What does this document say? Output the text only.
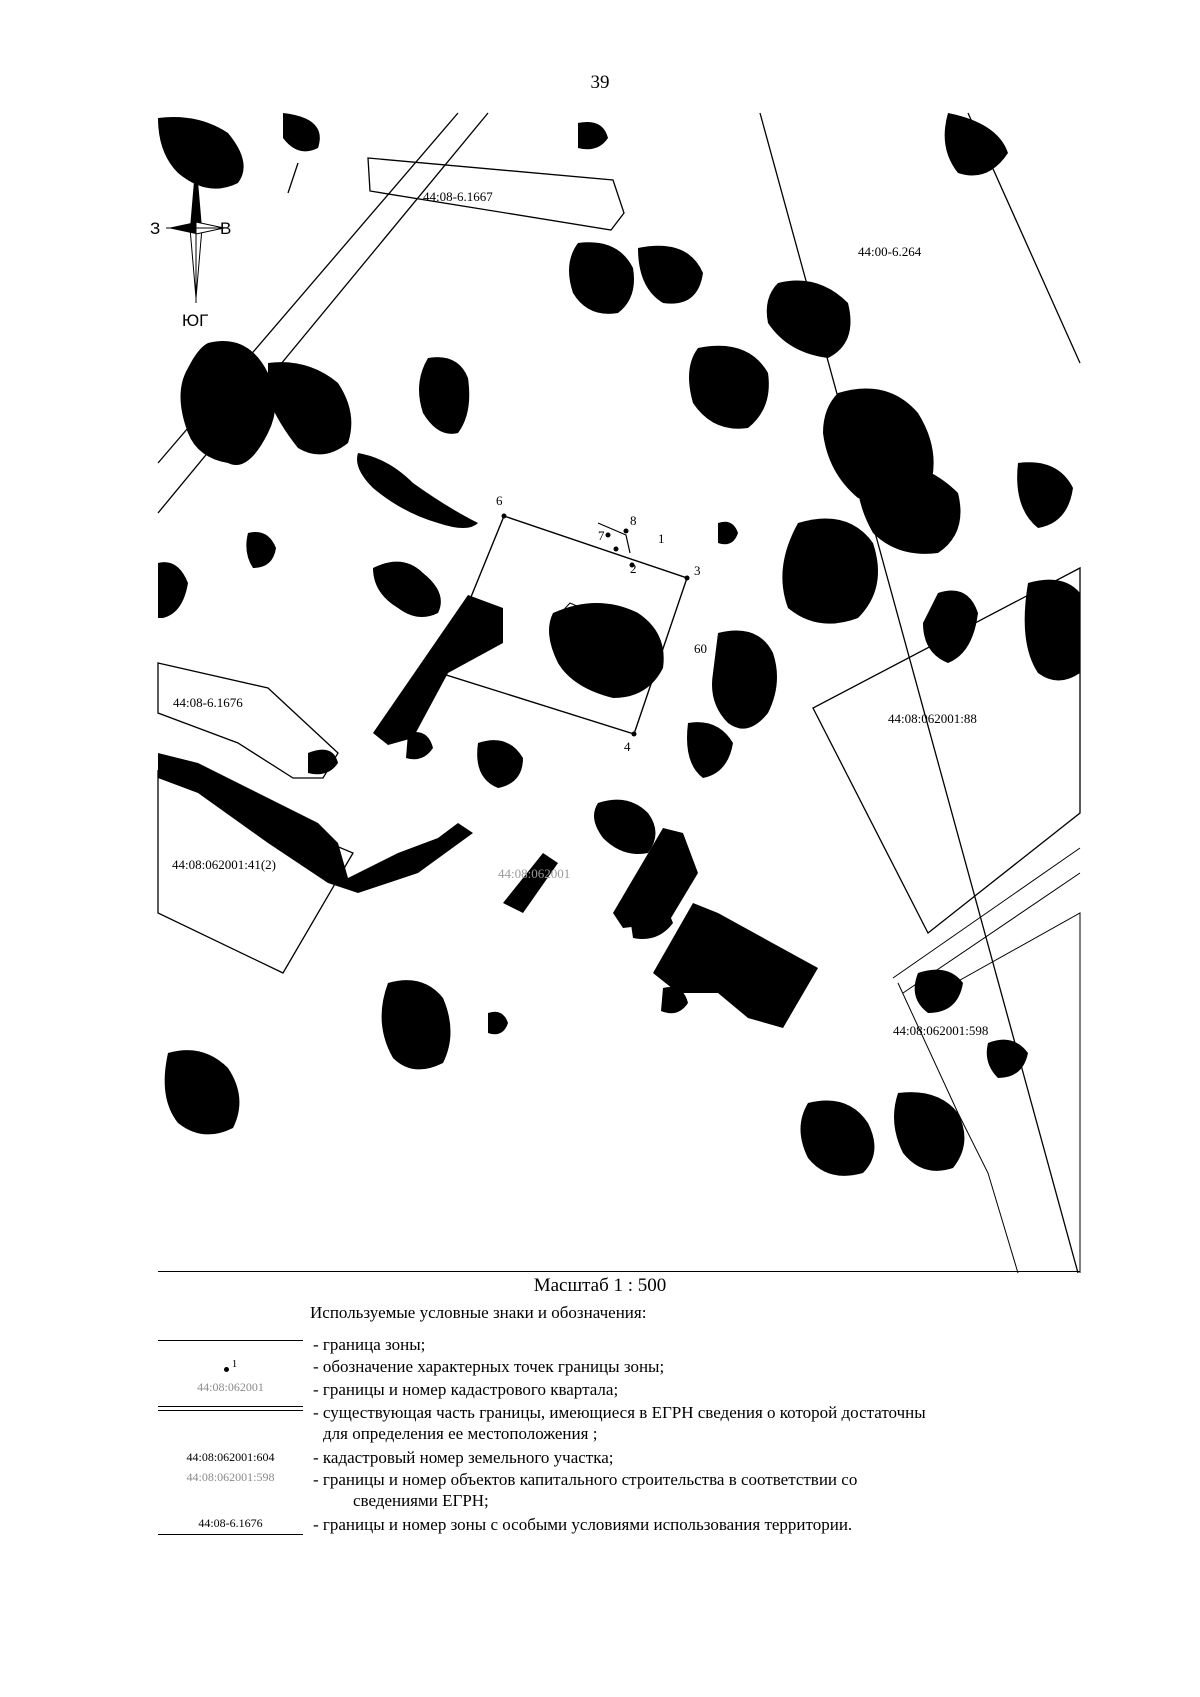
39
44:08-6.1667
44:00-6.264
44:08:062001:88
44:08-6.1676
44:08:062001:41(2)
44:08:062001
44:08:062001:598
60
1
2	3
4
5
6
7
8
З	В
ЮГ
Масштаб 1 : 500
Используемые условные знаки и обозначения:
- граница зоны;
$^1$	- обозначение характерных точек границы зоны;
44:08:062001	- границы и номер кадастрового квартала;
- существующая часть границы, имеющиеся в ЕГРН сведения о которой достаточны
для определения ее местоположения ;
44:08:062001:604	- кадастровый номер земельного участка;
44:08:062001:598	- границы и номер объектов капитального строительства в соответствии со
сведениями ЕГРН;
44:08-6.1676	- границы и номер зоны с особыми условиями использования территории.
